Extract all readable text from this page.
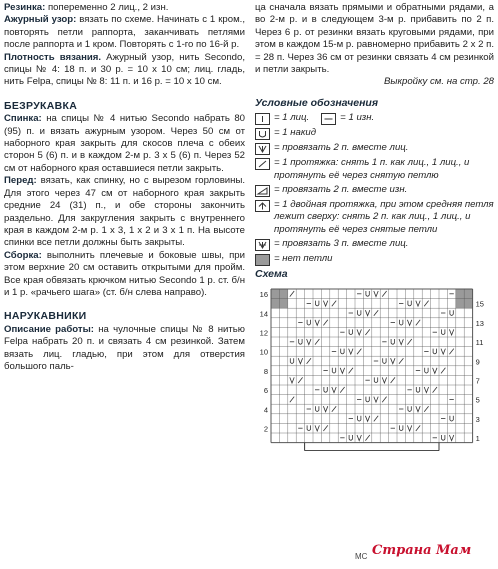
Резинка: попеременно 2 лиц., 2 изн.

Ажурный узор: вязать по схеме. Начинать с 1 кром., повторять петли раппорта, заканчивать петлями после раппорта и 1 кром. Повторять с 1-го по 16-й р.

Плотность вязания. Ажурный узор, нить Secondo, спицы № 4: 18 п. и 30 р. = 10 x 10 см; лиц. гладь, нить Felpa, спицы № 8: 11 п. и 16 р. = 10 x 10 см.

БЕЗРУКАВКА

Спинка: на спицы № 4 нитью Secondo набрать 80 (95) п. и вязать ажурным узором. Через 50 см от наборного края закрыть для скосов плеча с обеих сторон 5 (6) п. и в каждом 2-м р. 3 x 5 (6) п. Через 52 см от наборного края оставшиеся петли закрыть.

Перед: вязать, как спинку, но с вырезом горловины. Для этого через 47 см от наборного края закрыть средние 24 (31) п., и обе стороны закончить раздельно. Для закругления закрыть с внутреннего края в каждом 2-м р. 1 x 3, 1 x 2 и 3 x 1 п. На высоте спинки все петли должны быть закрыты.

Сборка: выполнить плечевые и боковые швы, при этом верхние 20 см оставить открытыми для пройм. Все края обвязать крючком нитью Secondo 1 р. ст. б/н и 1 р. «рачьего шага» (ст. б/н слева направо).

НАРУКАВНИКИ

Описание работы: на чулочные спицы № 8 нитью Felpa набрать 20 п. и связать 4 см резинкой. Затем вязать лиц. гладью, при этом для отверстия большого паль-

ца сначала вязать прямыми и обратными рядами, а во 2-м р. и в следующем 3-м р. прибавить по 2 п. Через 6 р. от резинки вязать круговыми рядами, при этом в каждом 15-м р. равномерно прибавить 2 x 2 п. = 28 п. Через 36 см от резинки связать 4 см резинкой и петли закрыть.

Выкройку см. на стр. 28

Условные обозначения
= 1 лиц.	= 1 изн.
= 1 накид
= провязать 2 п. вместе лиц.
= 1 протяжка: снять 1 п. как лиц., 1 лиц., и протянуть её через снятую петлю
= провязать 2 п. вместе изн.
= 1 двойная протяжка, при этом средняя петля лежит сверху: снять 2 п. как лиц., 1 лиц., и протянуть её через снятые петли
= провязать 3 п. вместе лиц.
= нет петли
Схема
16
14
12
10
8
6
4
2
15
13
11
9
7
5
3
1
МС Страна Мам
